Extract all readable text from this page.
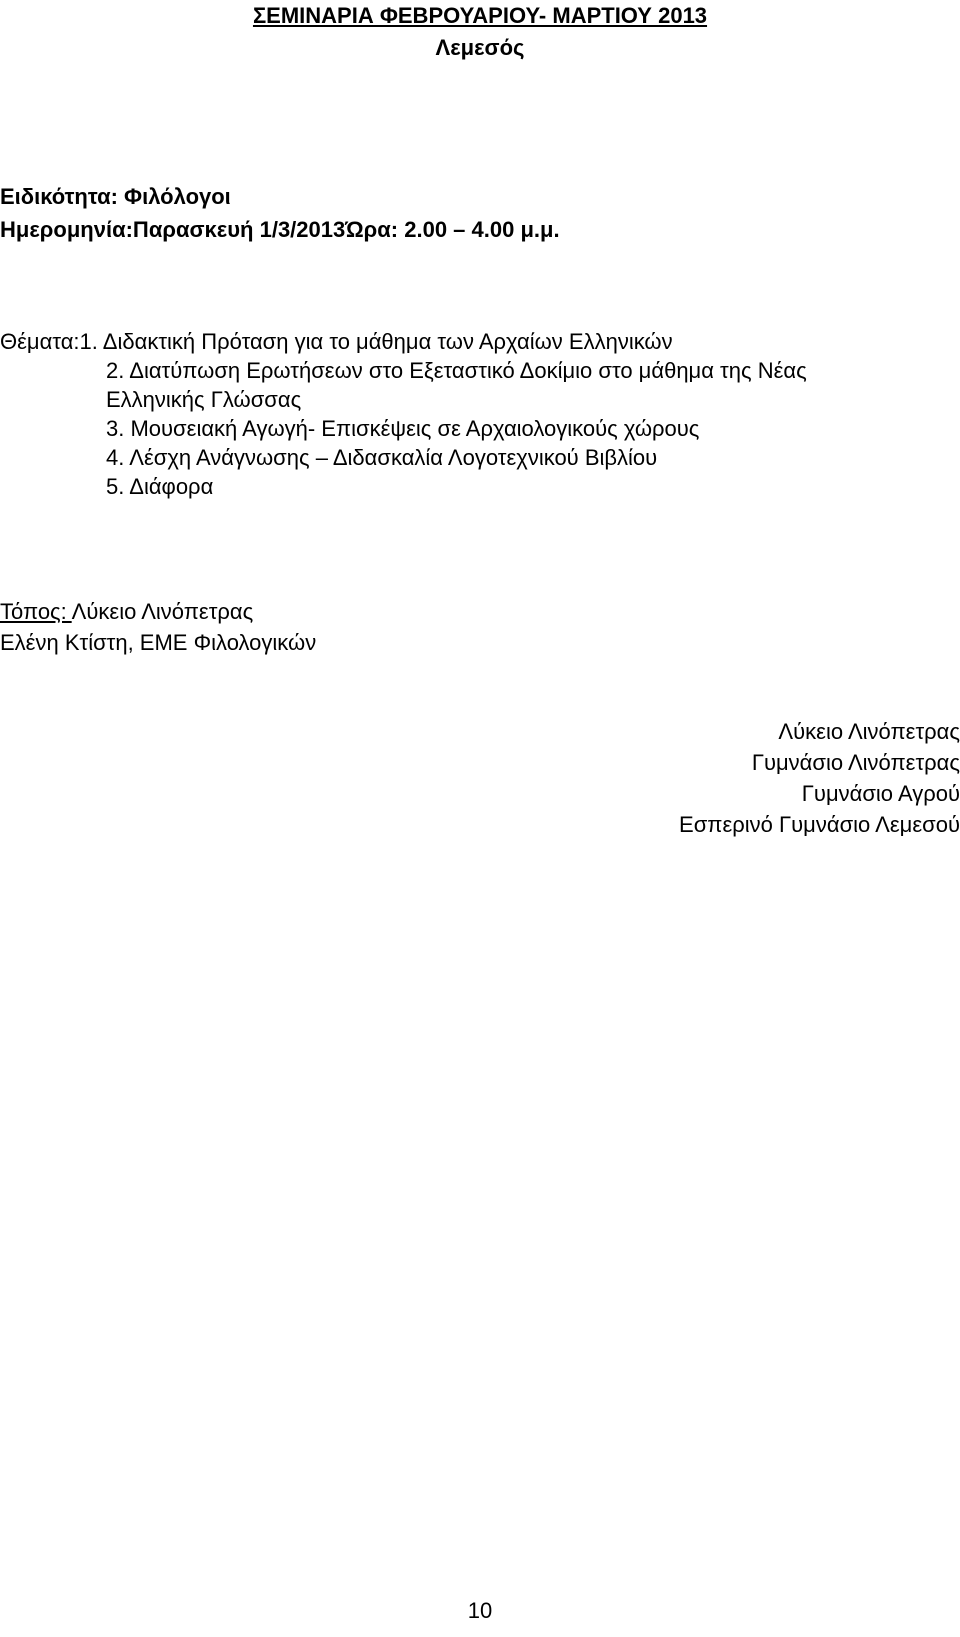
ΣΕΜΙΝΑΡΙΑ ΦΕΒΡΟΥΑΡΙΟΥ- ΜΑΡΤΙΟΥ 2013
Λεμεσός
Ειδικότητα: Φιλόλογοι
Ημερομηνία:Παρασκευή 1/3/2013Ώρα: 2.00 – 4.00 μ.μ.
Θέματα:1. Διδακτική Πρόταση για το μάθημα των Αρχαίων Ελληνικών
2. Διατύπωση Ερωτήσεων στο Εξεταστικό Δοκίμιο στο μάθημα της Νέας
Ελληνικής Γλώσσας
3. Μουσειακή Αγωγή- Επισκέψεις σε Αρχαιολογικούς χώρους
4. Λέσχη Ανάγνωσης – Διδασκαλία Λογοτεχνικού Βιβλίου
5. Διάφορα
Τόπος: Λύκειο Λινόπετρας
Ελένη Κτίστη, ΕΜΕ Φιλολογικών
Λύκειο Λινόπετρας
Γυμνάσιο Λινόπετρας
Γυμνάσιο Αγρού
Εσπερινό Γυμνάσιο Λεμεσού
10
